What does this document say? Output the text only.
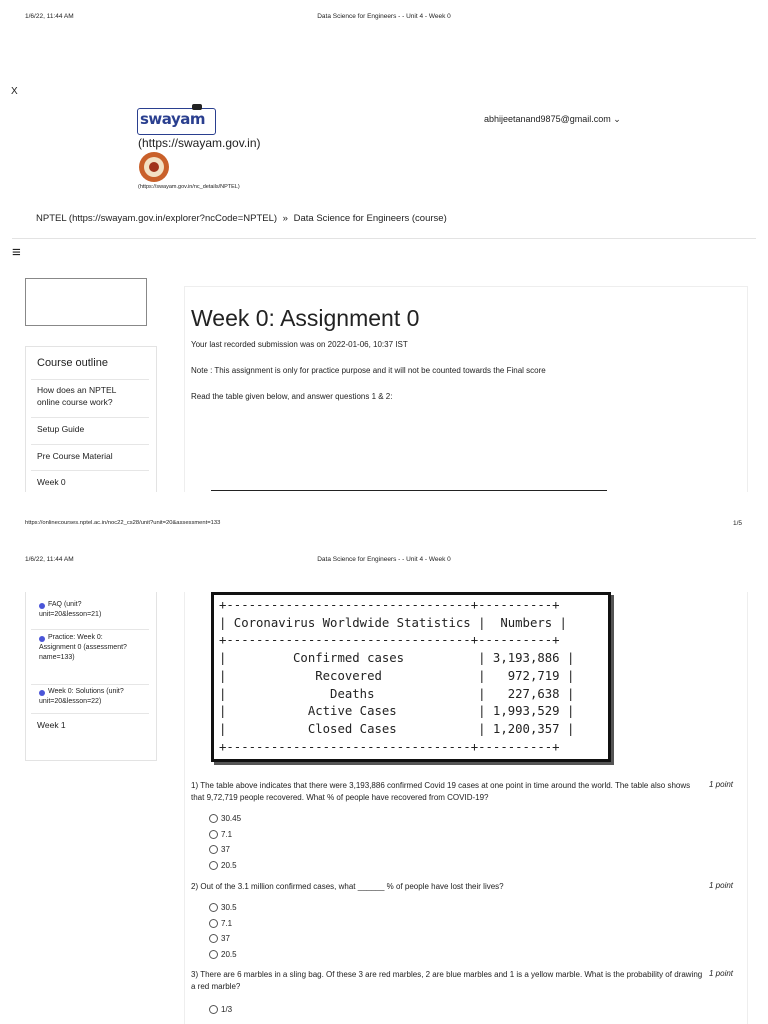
1/6/22, 11:44 AM	Data Science for Engineers - - Unit 4 - Week 0
X
swayam
(https://swayam.gov.in)
(https://swayam.gov.in/nc_details/NPTEL)
abhijeetanand9875@gmail.com ⌄
NPTEL (https://swayam.gov.in/explorer?ncCode=NPTEL) » Data Science for Engineers (course)
≡
Course outline
How does an NPTEL online course work?
Setup Guide
Pre Course Material
Week 0
Week 0: Assignment 0
Your last recorded submission was on 2022-01-06, 10:37 IST
Note : This assignment is only for practice purpose and it will not be counted towards the Final score
Read the table given below, and answer questions 1 & 2:
https://onlinecourses.nptel.ac.in/noc22_cs28/unit?unit=20&assessment=133	1/5
1/6/22, 11:44 AM	Data Science for Engineers - - Unit 4 - Week 0
FAQ (unit?unit=20&lesson=21)
Practice: Week 0: Assignment 0 (assessment?name=133)
Week 0: Solutions (unit?unit=20&lesson=22)
Week 1
+---------------------------------+----------+
| Coronavirus Worldwide Statistics |  Numbers |
+---------------------------------+----------+
|         Confirmed cases          | 3,193,886 |
|            Recovered             |   972,719 |
|              Deaths              |   227,638 |
|           Active Cases           | 1,993,529 |
|           Closed Cases           | 1,200,357 |
+---------------------------------+----------+
1) The table above indicates that there were 3,193,886 confirmed Covid 19 cases at one point in time around the world. The table also shows that 9,72,719 people recovered. What % of people have recovered from COVID-19?
1 point
30.45
7.1
37
20.5
2) Out of the 3.1 million confirmed cases, what ______ % of people have lost their lives?	1 point
30.5
7.1
37
20.5
3) There are 6 marbles in a sling bag. Of these 3 are red marbles, 2 are blue marbles and 1 is a yellow marble. What is the probability of drawing a red marble?
1 point
1/3
